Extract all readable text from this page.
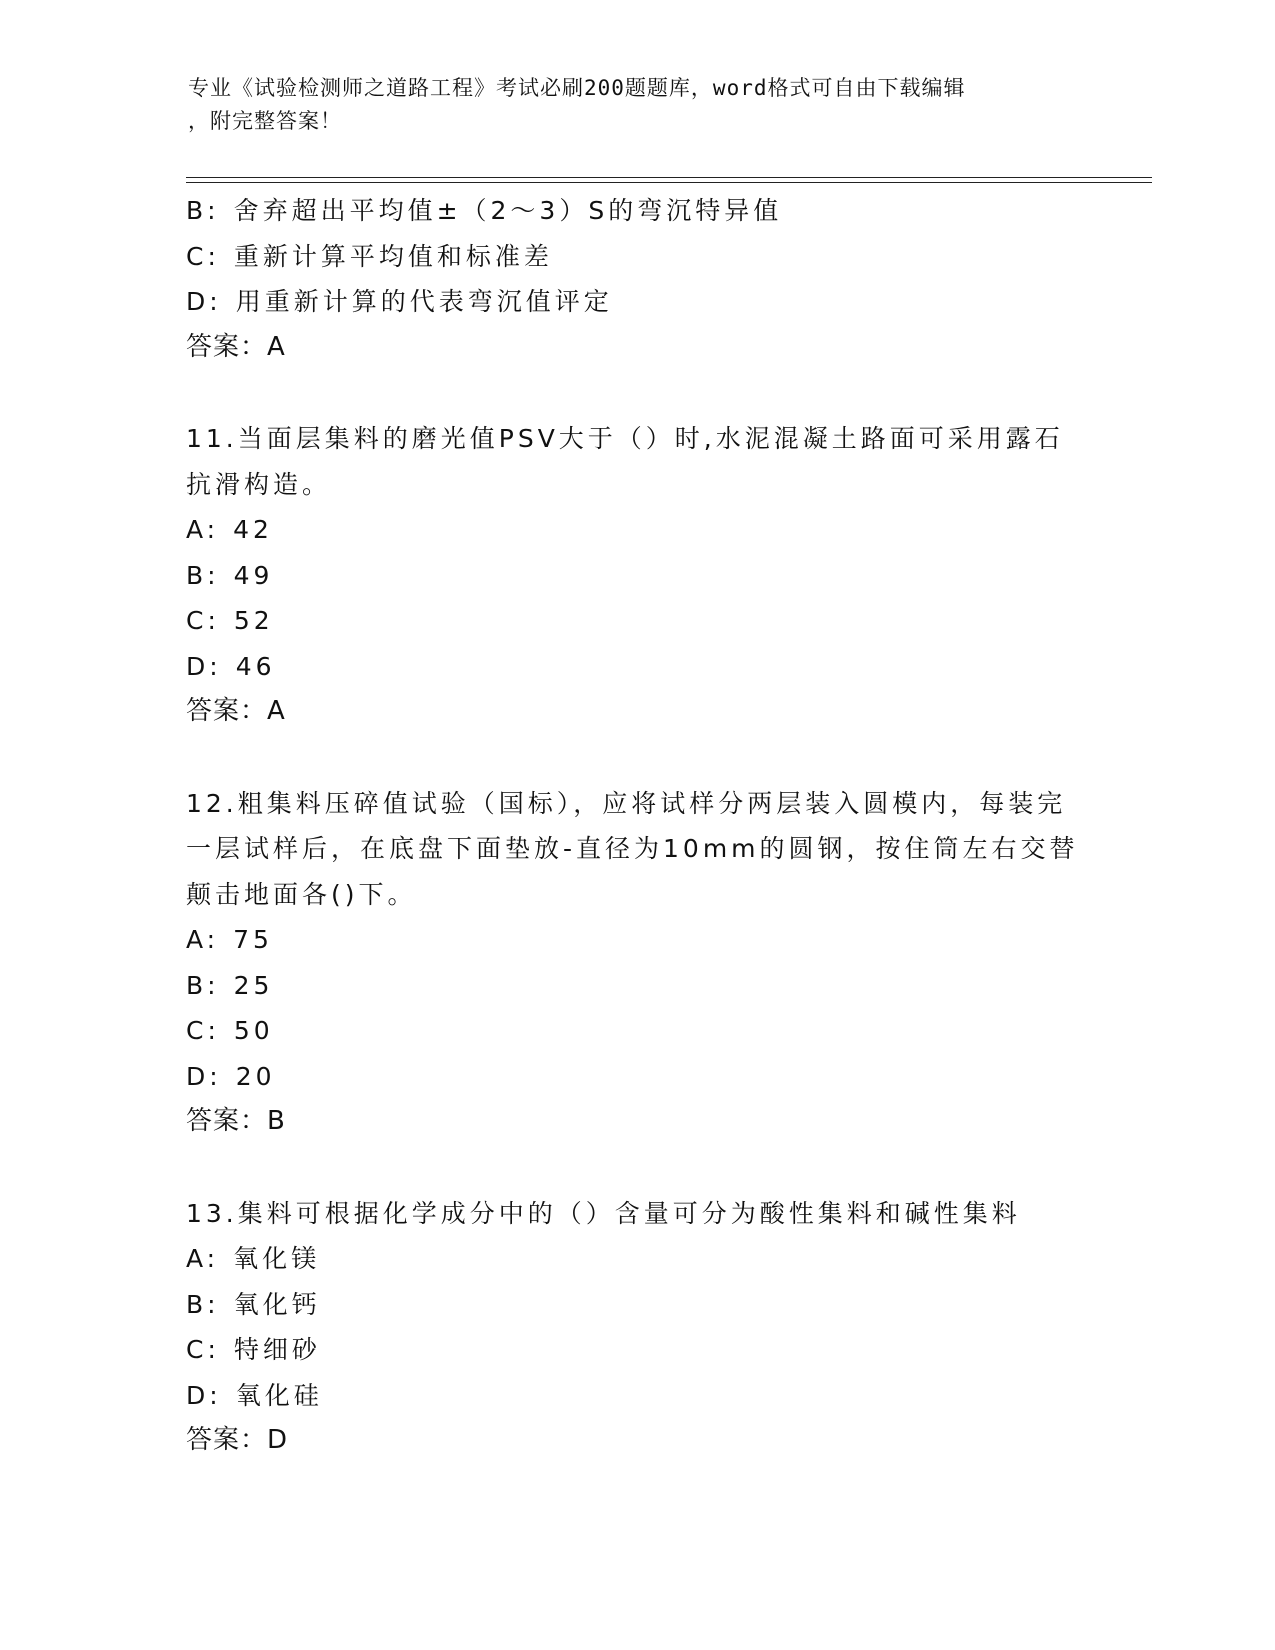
专业《试验检测师之道路工程》考试必刷200题题库，word格式可自由下载编辑
，附完整答案！
B: 舍弃超出平均值±（2～3）S的弯沉特异值
C: 重新计算平均值和标准差
D: 用重新计算的代表弯沉值评定
答案：A
11.当面层集料的磨光值PSV大于（）时,水泥混凝土路面可采用露石
抗滑构造。
A: 42
B: 49
C: 52
D: 46
答案：A
12.粗集料压碎值试验（国标），应将试样分两层装入圆模内，每装完
一层试样后，在底盘下面垫放-直径为10mm的圆钢，按住筒左右交替
颠击地面各()下。
A: 75
B: 25
C: 50
D: 20
答案：B
13.集料可根据化学成分中的（）含量可分为酸性集料和碱性集料
A: 氧化镁
B: 氧化钙
C: 特细砂
D: 氧化硅
答案：D
